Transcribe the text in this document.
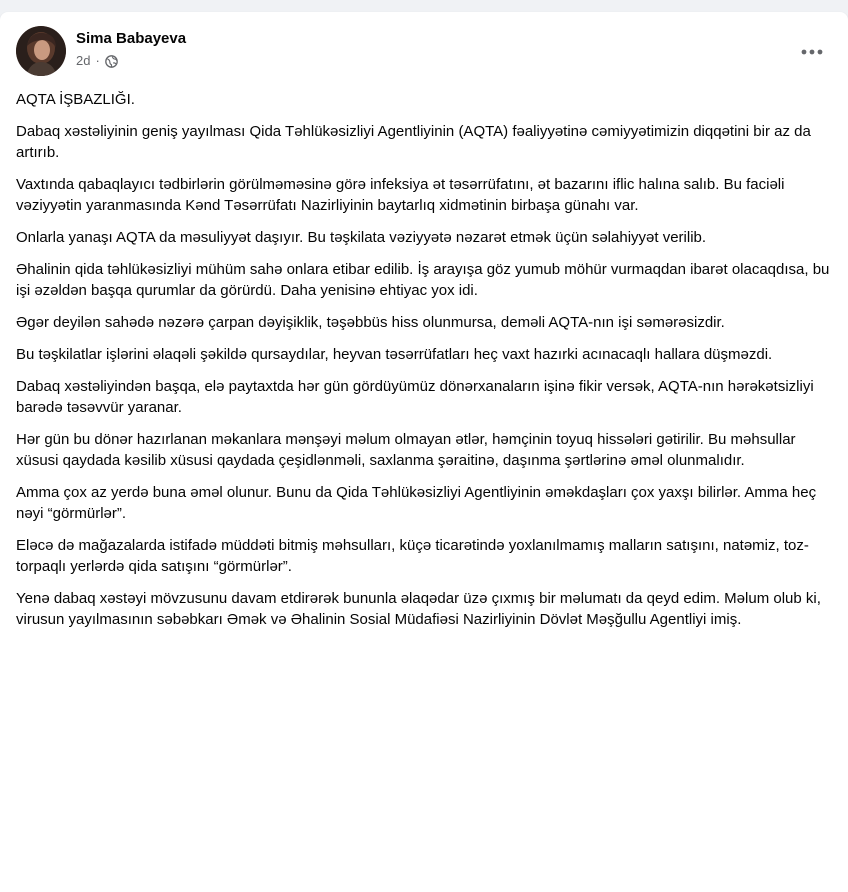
Sima Babayeva
2d ·

AQTA İŞBAZLIĞI.

Dabaq xəstəliyinin geniş yayılması Qida Təhlükəsizliyi Agentliyinin (AQTA) fəaliyyətinə cəmiyyətimizin diqqətini bir az da artırıb.

Vaxtında qabaqlayıcı tədbirlərin görülməməsinə görə infeksiya ət təsərrüfatını, ət bazarını iflic halına salıb. Bu faciəli vəziyyətin yaranmasında Kənd Təsərrüfatı Nazirliyinin baytarlıq xidmətinin birbaşa günahı var.

Onlarla yanaşı AQTA da məsuliyyət daşıyır. Bu təşkilata vəziyyətə nəzarət etmək üçün səlahiyyət verilib.

Əhalinin qida təhlükəsizliyi mühüm sahə onlara etibar edilib. İş arayışa göz yumub möhür vurmaqdan ibarət olacaqdısa, bu işi əzəldən başqa qurumlar da görürdü. Daha yenisinə ehtiyac yox idi.

Əgər deyilən sahədə nəzərə çarpan dəyişiklik, təşəbbüs hiss olunmursa, deməli AQTA-nın işi səmərəsizdir.

Bu təşkilatlar işlərini əlaqəli şəkildə qursaydılar, heyvan təsərrüfatları heç vaxt hazırki acınacaqlı hallara düşməzdi.

Dabaq xəstəliyindən başqa, elə paytaxtda hər gün gördüyümüz dönərxanaların işinə fikir versək, AQTA-nın hərəkətsizliyi barədə təsəvvür yaranar.

Hər gün bu dönər hazırlanan məkanlara mənşəyi məlum olmayan ətlər, həmçinin toyuq hissələri gətirilir. Bu məhsullar xüsusi qaydada kəsilib xüsusi qaydada çeşidlənməli, saxlanma şəraitinə, daşınma şərtlərinə əməl olunmalıdır.

Amma çox az yerdə buna əməl olunur. Bunu da Qida Təhlükəsizliyi Agentliyinin əməkdaşları çox yaxşı bilirlər. Amma heç nəyi “görmürlər”.

Eləcə də mağazalarda istifadə müddəti bitmiş məhsulları, küçə ticarətində yoxlanılmamış malların satışını, natəmiz, toz-torpaqlı yerlərdə qida satışını “görmürlər”.

Yenə dabaq xəstəyi mövzusunu davam etdirərək bununla əlaqədar üzə çıxmış bir məlumatı da qeyd edim. Məlum olub ki, virusun yayılmasının səbəbkarı Əmək və Əhalinin Sosial Müdafiəsi Nazirliyinin Dövlət Məşğullu Agentliyi imiş.
